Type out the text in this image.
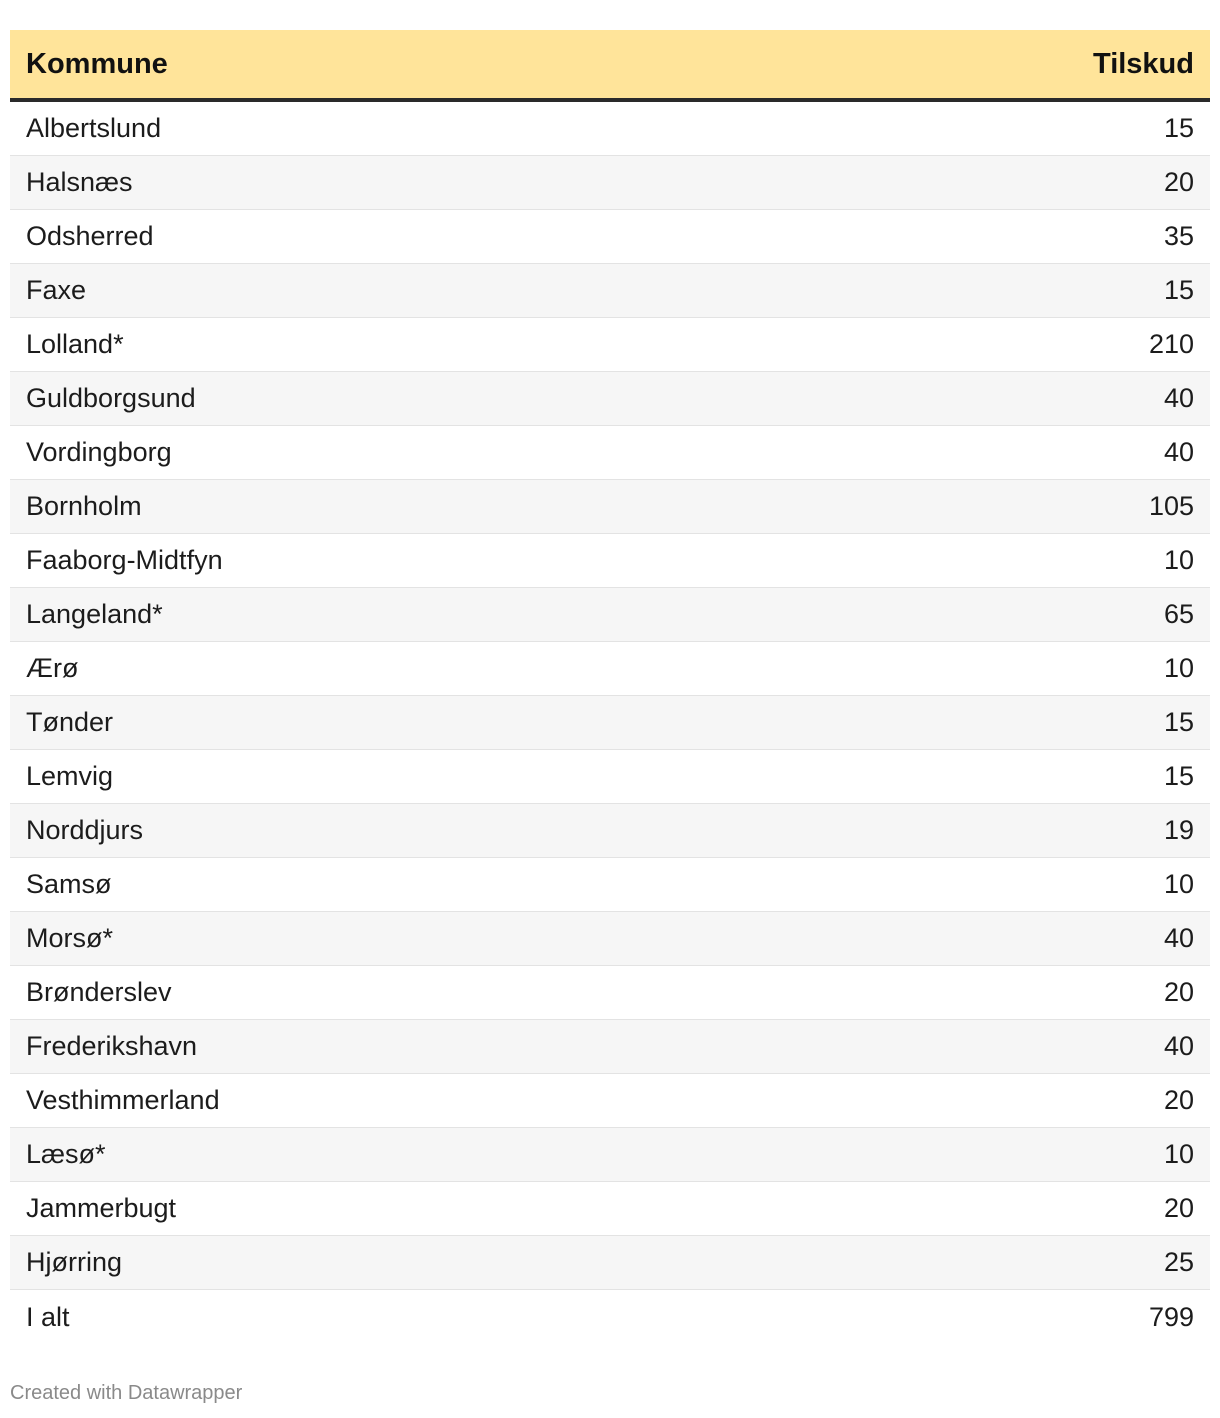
Kommune	Tilskud
Albertslund	15
Halsnæs	20
Odsherred	35
Faxe	15
Lolland*	210
Guldborgsund	40
Vordingborg	40
Bornholm	105
Faaborg-Midtfyn	10
Langeland*	65
Ærø	10
Tønder	15
Lemvig	15
Norddjurs	19
Samsø	10
Morsø*	40
Brønderslev	20
Frederikshavn	40
Vesthimmerland	20
Læsø*	10
Jammerbugt	20
Hjørring	25
I alt	799
Created with Datawrapper
